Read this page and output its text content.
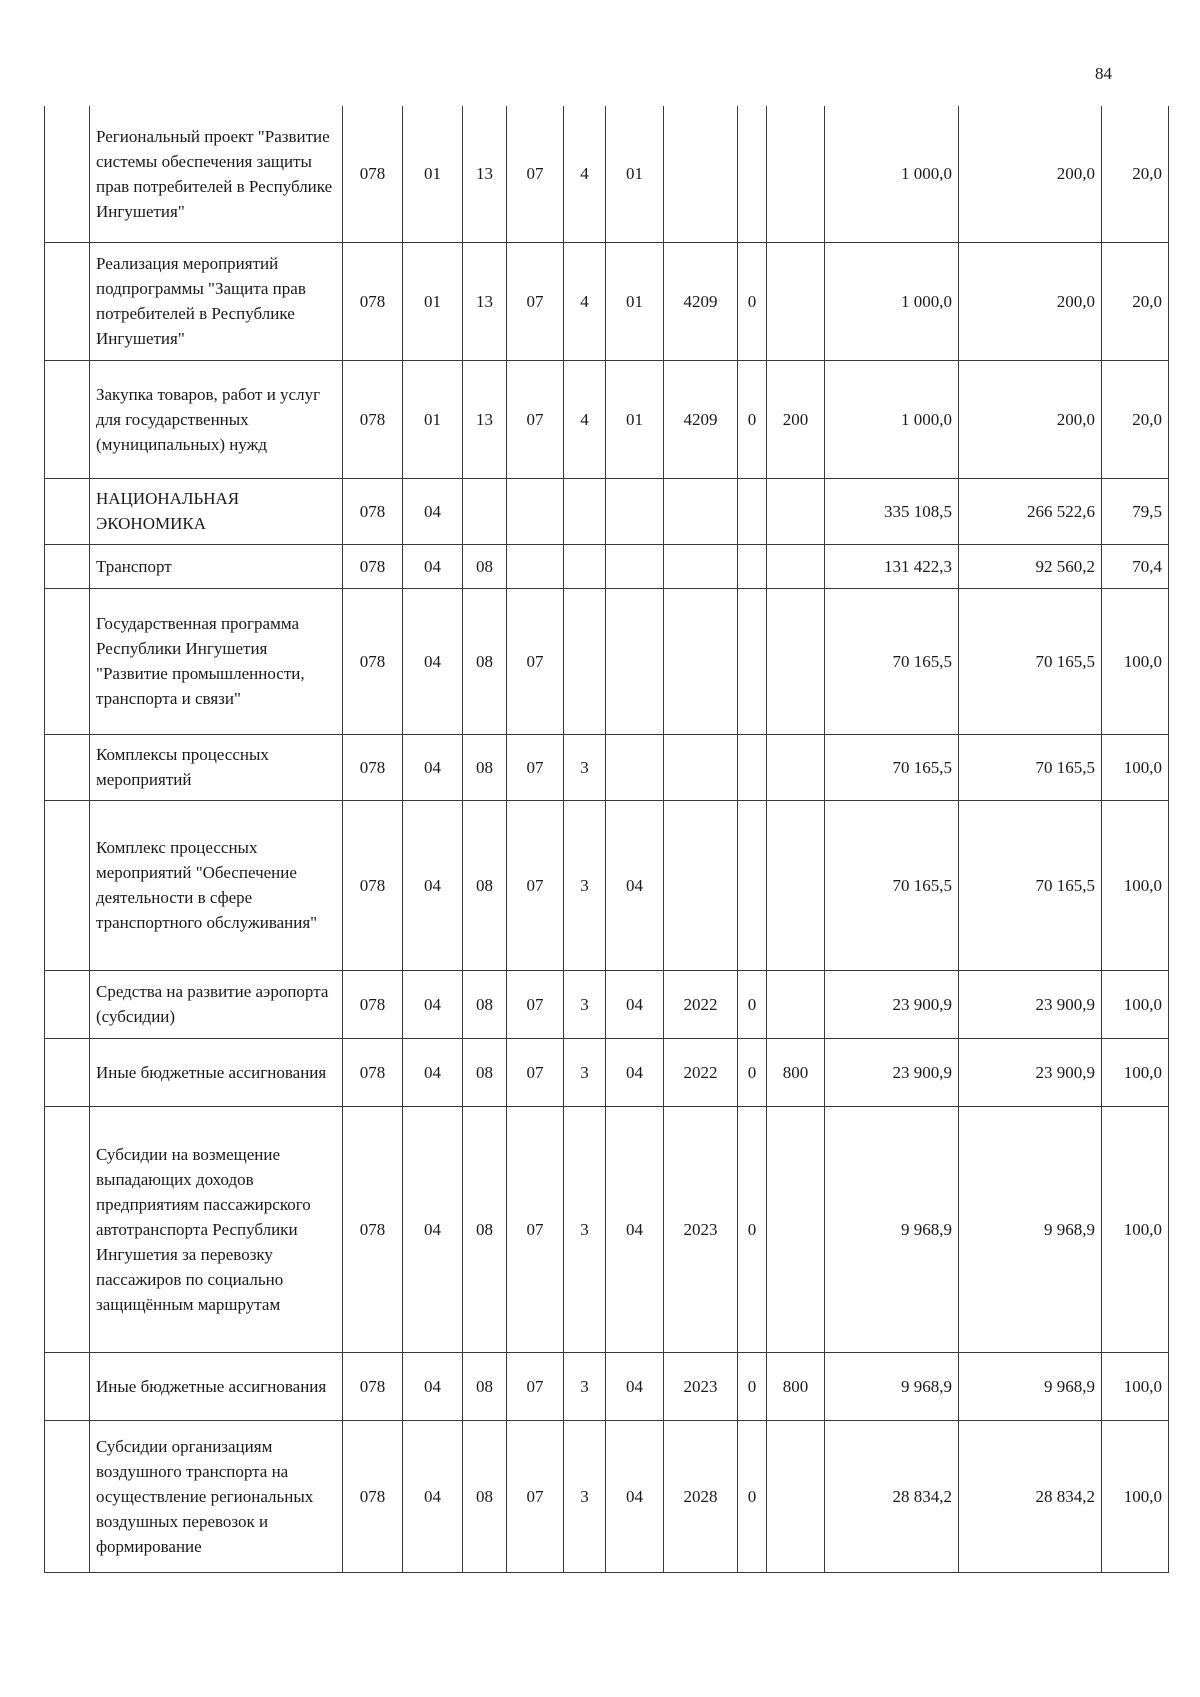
84
	Региональный проект "Развитие системы обеспечения защиты прав потребителей в Республике Ингушетия"	078	01	13	07	4	01				1 000,0	200,0	20,0
	Реализация мероприятий подпрограммы "Защита прав потребителей в Республике Ингушетия"	078	01	13	07	4	01	4209	0		1 000,0	200,0	20,0
	Закупка товаров, работ и услуг для государственных (муниципальных) нужд	078	01	13	07	4	01	4209	0	200	1 000,0	200,0	20,0
	НАЦИОНАЛЬНАЯ ЭКОНОМИКА	078	04								335 108,5	266 522,6	79,5
	Транспорт	078	04	08							131 422,3	92 560,2	70,4
	Государственная программа Республики Ингушетия "Развитие промышленности, транспорта и связи"	078	04	08	07						70 165,5	70 165,5	100,0
	Комплексы процессных мероприятий	078	04	08	07	3					70 165,5	70 165,5	100,0
	Комплекс процессных мероприятий "Обеспечение деятельности в сфере транспортного обслуживания"	078	04	08	07	3	04				70 165,5	70 165,5	100,0
	Средства на развитие аэропорта (субсидии)	078	04	08	07	3	04	2022	0		23 900,9	23 900,9	100,0
	Иные бюджетные ассигнования	078	04	08	07	3	04	2022	0	800	23 900,9	23 900,9	100,0
	Субсидии на возмещение выпадающих доходов предприятиям пассажирского автотранспорта Республики Ингушетия за перевозку пассажиров по социально защищённым маршрутам	078	04	08	07	3	04	2023	0		9 968,9	9 968,9	100,0
	Иные бюджетные ассигнования	078	04	08	07	3	04	2023	0	800	9 968,9	9 968,9	100,0
	Субсидии организациям воздушного транспорта на осуществление региональных воздушных перевозок и формирование	078	04	08	07	3	04	2028	0		28 834,2	28 834,2	100,0
